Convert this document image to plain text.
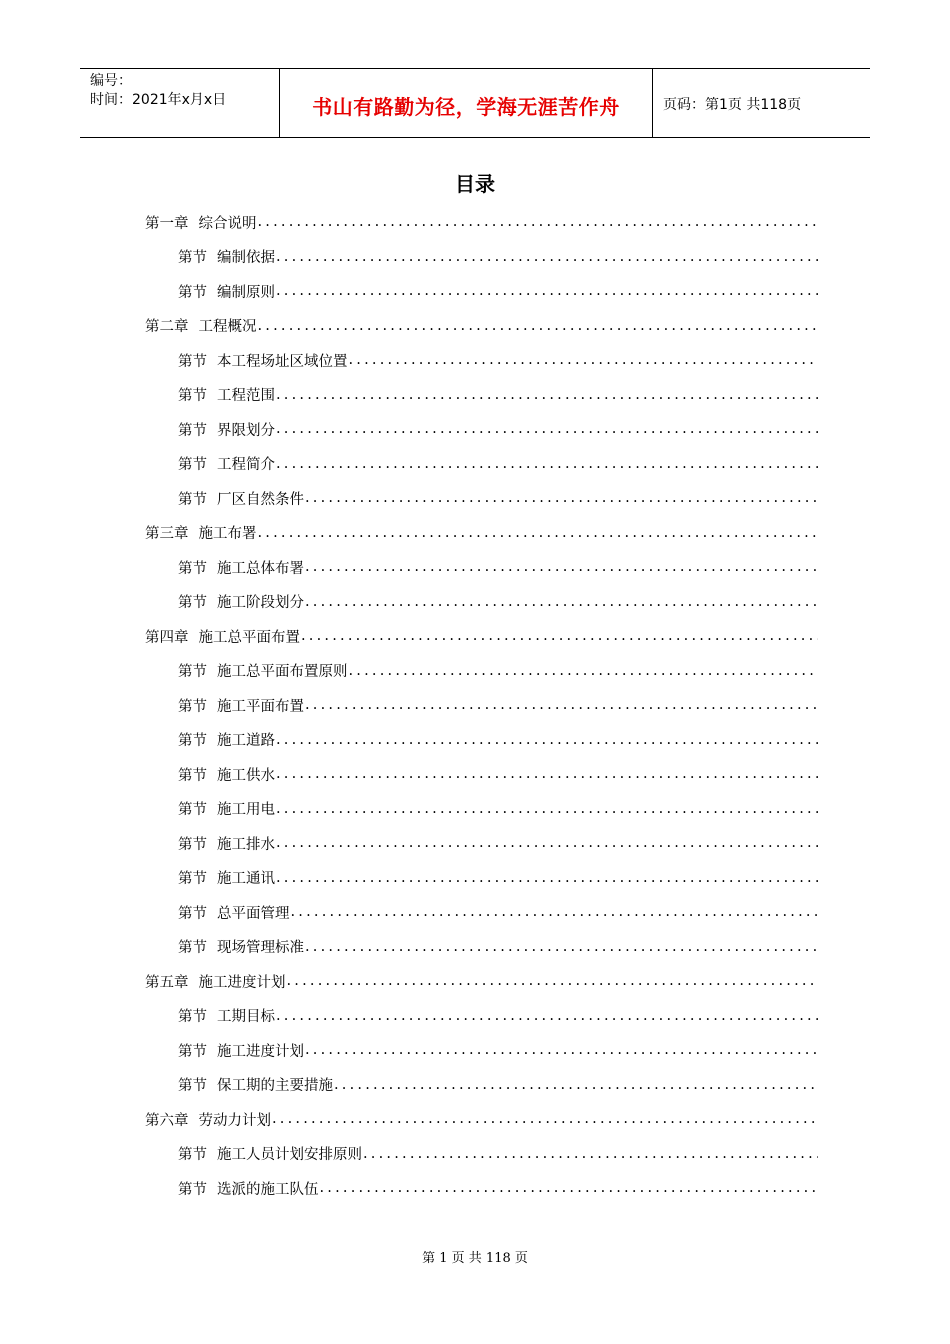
编号：
时间：2021年x月x日	书山有路勤为径，学海无涯苦作舟	页码：第1页 共118页
目录
第一章 综合说明
.....
第节 编制依据
.....
第节 编制原则
.....
第二章 工程概况
.....
第节 本工程场址区域位置
.....
第节 工程范围
.....
第节 界限划分
.....
第节 工程简介
.....
第节 厂区自然条件
.....
第三章 施工布署
.....
第节 施工总体布署
.....
第节 施工阶段划分
.....
第四章 施工总平面布置
.....
第节 施工总平面布置原则
.....
第节 施工平面布置
.....
第节 施工道路
.....
第节 施工供水
.....
第节 施工用电
.....
第节 施工排水
.....
第节 施工通讯
.....
第节 总平面管理
.....
第节 现场管理标准
.....
第五章 施工进度计划
.....
第节 工期目标
.....
第节 施工进度计划
.....
第节 保工期的主要措施
.....
第六章 劳动力计划
.....
第节 施工人员计划安排原则
.....
第节 选派的施工队伍
.....
第 1 页 共 118 页
